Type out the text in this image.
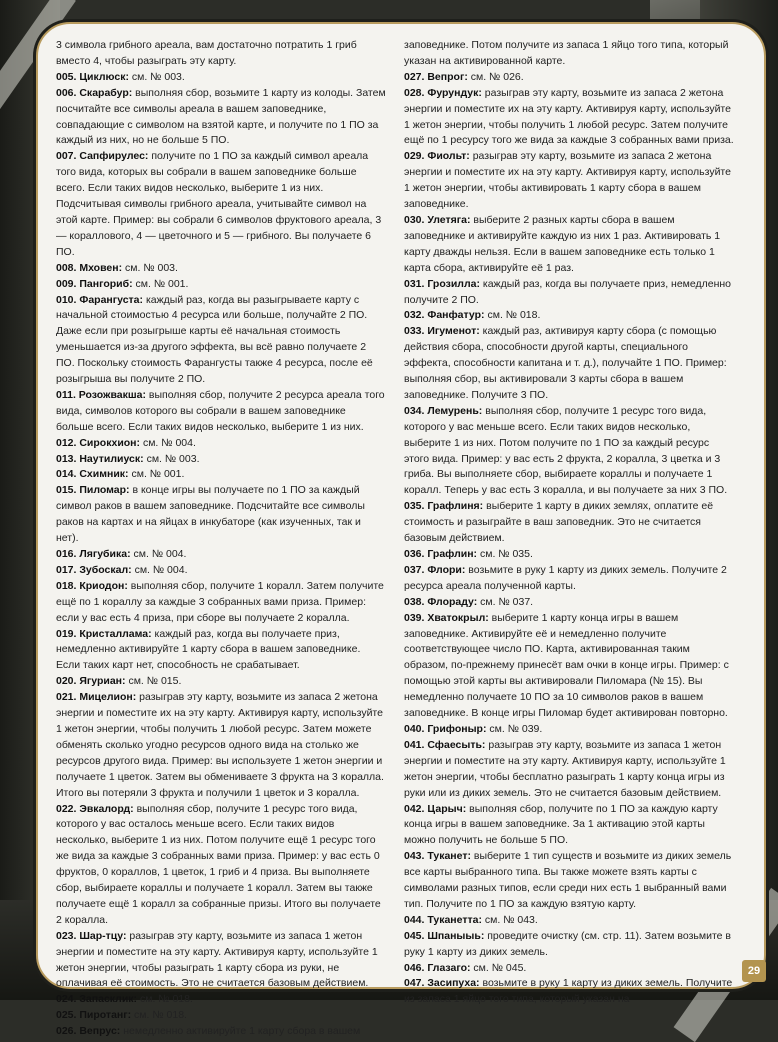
3 символа грибного ареала, вам достаточно потратить 1 гриб вместо 4, чтобы разыграть эту карту.

005. Циклюск: см. № 003.

006. Скарабур: выполняя сбор, возьмите 1 карту из колоды. Затем посчитайте все символы ареала в вашем заповеднике, совпадающие с символом на взятой карте, и получите по 1 ПО за каждый из них, но не больше 5 ПО.

007. Сапфирулес: получите по 1 ПО за каждый символ ареала того вида, которых вы собрали в вашем заповеднике больше всего. Если таких видов несколько, выберите 1 из них. Подсчитывая символы грибного ареала, учитывайте символ на этой карте. Пример: вы собрали 6 символов фруктового ареала, 3 — кораллового, 4 — цветочного и 5 — грибного. Вы получаете 6 ПО.

008. Мховен: см. № 003.

009. Пангориб: см. № 001.

010. Фарангуста: каждый раз, когда вы разыгрываете карту с начальной стоимостью 4 ресурса или больше, получайте 2 ПО. Даже если при розыгрыше карты её начальная стоимость уменьшается из-за другого эффекта, вы всё равно получаете 2 ПО. Поскольку стоимость Фарангусты также 4 ресурса, после её розыгрыша вы получите 2 ПО.

011. Розожвакша: выполняя сбор, получите 2 ресурса ареала того вида, символов которого вы собрали в вашем заповеднике больше всего. Если таких видов несколько, выберите 1 из них.

012. Сирокхион: см. № 004.

013. Наутилиуск: см. № 003.

014. Схимник: см. № 001.

015. Пиломар: в конце игры вы получаете по 1 ПО за каждый символ раков в вашем заповеднике. Подсчитайте все символы раков на картах и на яйцах в инкубаторе (как изученных, так и нет).

016. Лягубика: см. № 004.

017. Зубоскал: см. № 004.

018. Криодон: выполняя сбор, получите 1 коралл. Затем получите ещё по 1 кораллу за каждые 3 собранных вами приза. Пример: если у вас есть 4 приза, при сборе вы получаете 2 коралла.

019. Кристаллама: каждый раз, когда вы получаете приз, немедленно активируйте 1 карту сбора в вашем заповеднике. Если таких карт нет, способность не срабатывает.

020. Ягуриан: см. № 015.

021. Мицелион: разыграв эту карту, возьмите из запаса 2 жетона энергии и поместите их на эту карту. Активируя карту, используйте 1 жетон энергии, чтобы получить 1 любой ресурс. Затем можете обменять сколько угодно ресурсов одного вида на столько же ресурсов другого вида. Пример: вы используете 1 жетон энергии и получаете 1 цветок. Затем вы обмениваете 3 фрукта на 3 коралла. Итого вы потеряли 3 фрукта и получили 1 цветок и 3 коралла.

022. Эвкалорд: выполняя сбор, получите 1 ресурс того вида, которого у вас осталось меньше всего. Если таких видов несколько, выберите 1 из них. Потом получите ещё 1 ресурс того же вида за каждые 3 собранных вами приза. Пример: у вас есть 0 фруктов, 0 кораллов, 1 цветок, 1 гриб и 4 приза. Вы выполняете сбор, выбираете кораллы и получаете 1 коралл. Затем вы также получаете ещё 1 коралл за собранные призы. Итого вы получаете 2 коралла.

023. Шар-тцу: разыграв эту карту, возьмите из запаса 1 жетон энергии и поместите на эту карту. Активируя карту, используйте 1 жетон энергии, чтобы разыграть 1 карту сбора из руки, не оплачивая её стоимость. Это не считается базовым действием.

024. Запасклик: см. № 018.

025. Пиротанг: см. № 018.

026. Вепрус: немедленно активируйте 1 карту сбора в вашем

заповеднике. Потом получите из запаса 1 яйцо того типа, который указан на активированной карте.

027. Вепрог: см. № 026.

028. Фурундук: разыграв эту карту, возьмите из запаса 2 жетона энергии и поместите их на эту карту. Активируя карту, используйте 1 жетон энергии, чтобы получить 1 любой ресурс. Затем получите ещё по 1 ресурсу того же вида за каждые 3 собранных вами приза.

029. Фиольт: разыграв эту карту, возьмите из запаса 2 жетона энергии и поместите их на эту карту. Активируя карту, используйте 1 жетон энергии, чтобы активировать 1 карту сбора в вашем заповеднике.

030. Улетяга: выберите 2 разных карты сбора в вашем заповеднике и активируйте каждую из них 1 раз. Активировать 1 карту дважды нельзя. Если в вашем заповеднике есть только 1 карта сбора, активируйте её 1 раз.

031. Грозилла: каждый раз, когда вы получаете приз, немедленно получите 2 ПО.

032. Фанфатур: см. № 018.

033. Игуменот: каждый раз, активируя карту сбора (с помощью действия сбора, способности другой карты, специального эффекта, способности капитана и т. д.), получайте 1 ПО. Пример: выполняя сбор, вы активировали 3 карты сбора в вашем заповеднике. Получите 3 ПО.

034. Лемурень: выполняя сбор, получите 1 ресурс того вида, которого у вас меньше всего. Если таких видов несколько, выберите 1 из них. Потом получите по 1 ПО за каждый ресурс этого вида. Пример: у вас есть 2 фрукта, 2 коралла, 3 цветка и 3 гриба. Вы выполняете сбор, выбираете кораллы и получаете 1 коралл. Теперь у вас есть 3 коралла, и вы получаете за них 3 ПО.

035. Графлиня: выберите 1 карту в диких землях, оплатите её стоимость и разыграйте в ваш заповедник. Это не считается базовым действием.

036. Графлин: см. № 035.

037. Флори: возьмите в руку 1 карту из диких земель. Получите 2 ресурса ареала полученной карты.

038. Флораду: см. № 037.

039. Хватокрыл: выберите 1 карту конца игры в вашем заповеднике. Активируйте её и немедленно получите соответствующее число ПО. Карта, активированная таким образом, по-прежнему принесёт вам очки в конце игры. Пример: с помощью этой карты вы активировали Пиломара (№ 15). Вы немедленно получаете 10 ПО за 10 символов раков в вашем заповеднике. В конце игры Пиломар будет активирован повторно.

040. Грифоныр: см. № 039.

041. Сфаесыть: разыграв эту карту, возьмите из запаса 1 жетон энергии и поместите на эту карту. Активируя карту, используйте 1 жетон энергии, чтобы бесплатно разыграть 1 карту конца игры из руки или из диких земель. Это не считается базовым действием.

042. Царыч: выполняя сбор, получите по 1 ПО за каждую карту конца игры в вашем заповеднике. За 1 активацию этой карты можно получить не больше 5 ПО.

043. Туканет: выберите 1 тип существ и возьмите из диких земель все карты выбранного типа. Вы также можете взять карты с символами разных типов, если среди них есть 1 выбранный вами тип. Получите по 1 ПО за каждую взятую карту.

044. Туканетта: см. № 043.

045. Шпаныыь: проведите очистку (см. стр. 11). Затем возьмите в руку 1 карту из диких земель.

046. Глазаго: см. № 045.

047. Засипуха: возьмите в руку 1 карту из диких земель. Получите из запаса 1 яйцо того типа, который указан на

29
